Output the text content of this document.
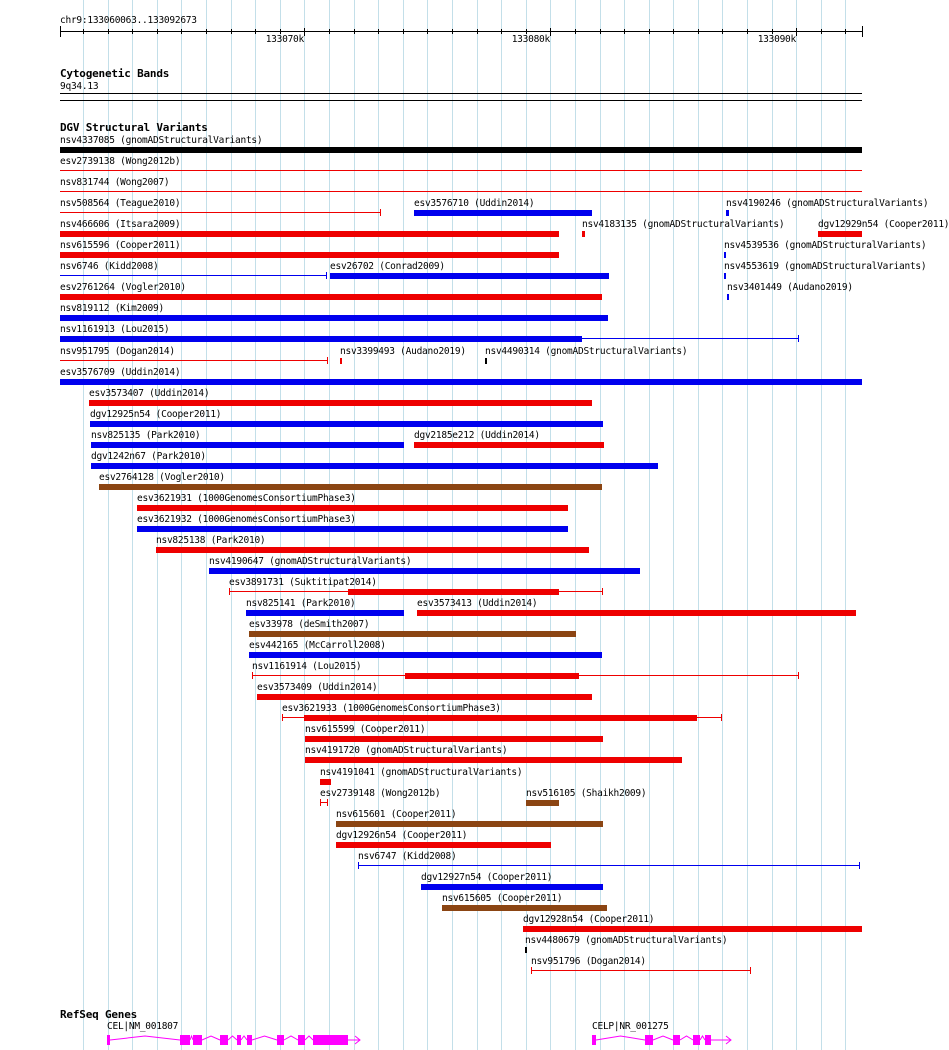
chr9:133060063..133092673
133070k	133080k	133090k
Cytogenetic Bands
9q34.13
DGV Structural Variants
RefSeq Genes
nsv4337085 (gnomADStructuralVariants)
esv2739138 (Wong2012b)
nsv831744 (Wong2007)
nsv508564 (Teague2010)	esv3576710 (Uddin2014)	nsv4190246 (gnomADStructuralVariants)
nsv466606 (Itsara2009)	nsv4183135 (gnomADStructuralVariants)	dgv12929n54 (Cooper2011)
nsv615596 (Cooper2011)	nsv4539536 (gnomADStructuralVariants)
nsv6746 (Kidd2008)	esv26702 (Conrad2009)	nsv4553619 (gnomADStructuralVariants)
esv2761264 (Vogler2010)	nsv3401449 (Audano2019)
nsv819112 (Kim2009)
nsv1161913 (Lou2015)
nsv951795 (Dogan2014)	nsv3399493 (Audano2019) nsv4490314 (gnomADStructuralVariants)
esv3576709 (Uddin2014)
esv3573407 (Uddin2014)
dgv12925n54 (Cooper2011)
nsv825135 (Park2010)	dgv2185e212 (Uddin2014)
dgv1242n67 (Park2010)
esv2764128 (Vogler2010)
esv3621931 (1000GenomesConsortiumPhase3)
esv3621932 (1000GenomesConsortiumPhase3)
nsv825138 (Park2010)
nsv4190647 (gnomADStructuralVariants)
esv3891731 (Suktitipat2014)
nsv825141 (Park2010)	esv3573413 (Uddin2014)
esv33978 (deSmith2007)
esv442165 (McCarroll2008)
nsv1161914 (Lou2015)
esv3573409 (Uddin2014)
esv3621933 (1000GenomesConsortiumPhase3)
nsv615599 (Cooper2011)
nsv4191720 (gnomADStructuralVariants)
nsv4191041 (gnomADStructuralVariants)
esv2739148 (Wong2012b)	nsv516105 (Shaikh2009)
nsv615601 (Cooper2011)
dgv12926n54 (Cooper2011)
nsv6747 (Kidd2008)
dgv12927n54 (Cooper2011)
nsv615605 (Cooper2011)
dgv12928n54 (Cooper2011)
nsv4480679 (gnomADStructuralVariants)
nsv951796 (Dogan2014)
CEL|NM_001807	CELP|NR_001275
